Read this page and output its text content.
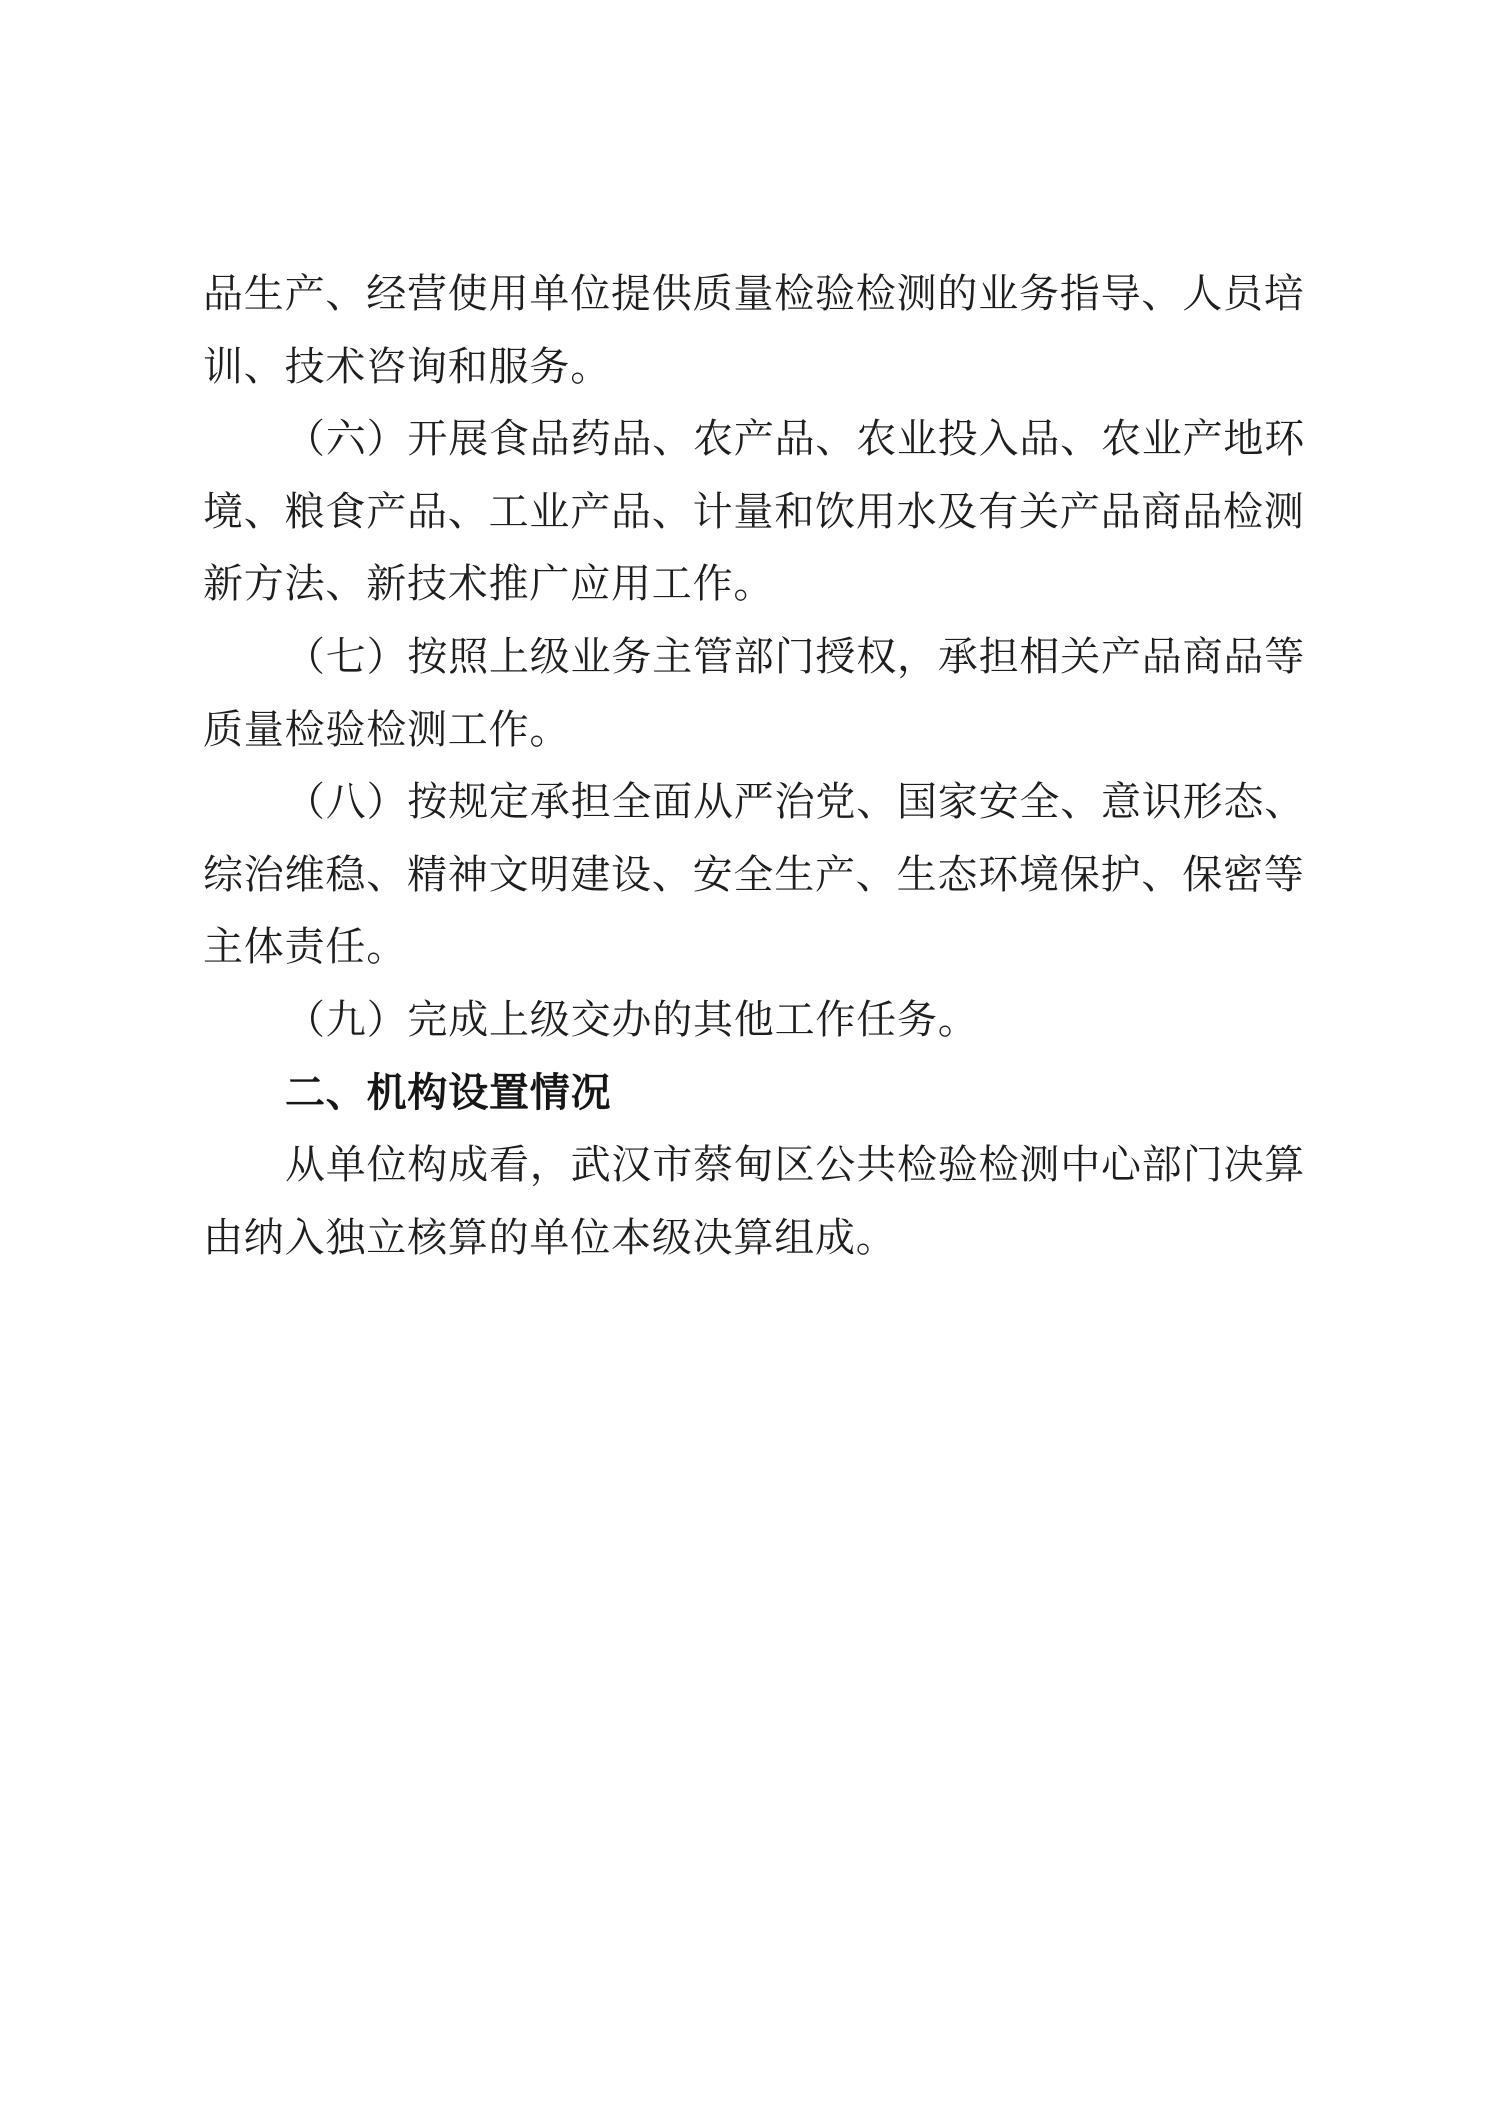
品生产、经营使用单位提供质量检验检测的业务指导、人员培
训、技术咨询和服务。
（六）开展食品药品、农产品、农业投入品、农业产地环
境、粮食产品、工业产品、计量和饮用水及有关产品商品检测
新方法、新技术推广应用工作。
（七）按照上级业务主管部门授权，承担相关产品商品等
质量检验检测工作。
（八）按规定承担全面从严治党、国家安全、意识形态、
综治维稳、精神文明建设、安全生产、生态环境保护、保密等
主体责任。
（九）完成上级交办的其他工作任务。
二、机构设置情况
从单位构成看，武汉市蔡甸区公共检验检测中心部门决算
由纳入独立核算的单位本级决算组成。
